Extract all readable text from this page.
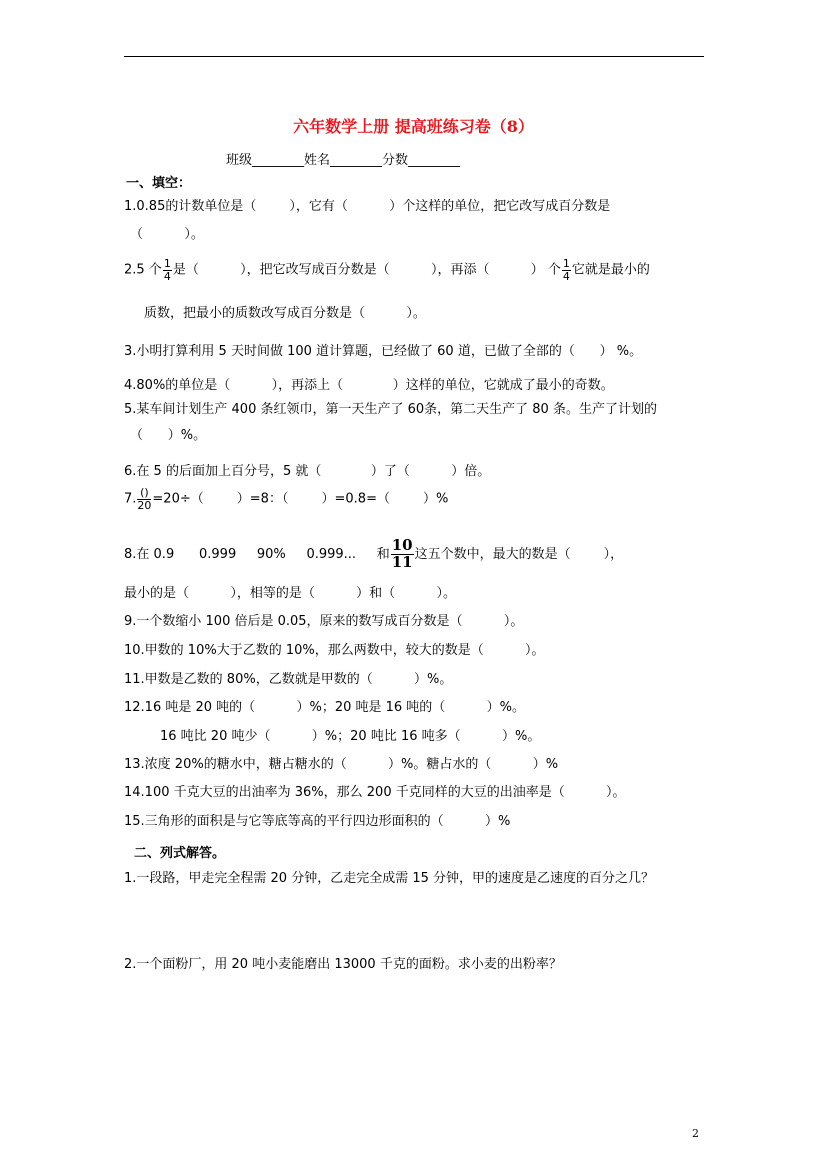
六年数学上册 提高班练习卷（8）
班级________姓名________分数________
一、填空：
1.0.85的计数单位是（        ），它有（          ）个这样的单位，把它改写成百分数是
（          ）。
2.5 个 $\frac{1}{4}$ 是（          ），把它改写成百分数是（          ），再添（          ） 个 $\frac{1}{4}$ 它就是最小的
质数，把最小的质数改写成百分数是（          ）。
3.小明打算利用 5 天时间做 100 道计算题，已经做了 60 道，已做了全部的（      ） %。
4.80%的单位是（          ），再添上（            ）这样的单位，它就成了最小的奇数。
5.某车间计划生产 400 条红领巾，第一天生产了 60条，第二天生产了 80 条。生产了计划的
（      ）%。
6.在 5 的后面加上百分号，5 就（            ）了（          ）倍。
7. $\frac{()}{20} =20\div$（        ）=8：（        ）=0.8=（        ）%
8.在 0.9      0.999     90%     0.999...     和 $\frac{10}{11}$ 这五个数中，最大的数是（        ），
最小的是（          ），相等的是（          ）和（          ）。
9.一个数缩小 100 倍后是 0.05，原来的数写成百分数是（          ）。
10.甲数的 10%大于乙数的 10%，那么两数中，较大的数是（          ）。
11.甲数是乙数的 80%，乙数就是甲数的（          ）%。
12.16 吨是 20 吨的（          ）%；20 吨是 16 吨的（          ）%。
16 吨比 20 吨少（          ）%；20 吨比 16 吨多（          ）%。
13.浓度 20%的糖水中，糖占糖水的（          ）%。糖占水的（          ）%
14.100 千克大豆的出油率为 36%，那么 200 千克同样的大豆的出油率是（          ）。
15.三角形的面积是与它等底等高的平行四边形面积的（          ）%
二、列式解答。
1.一段路，甲走完全程需 20 分钟，乙走完全成需 15 分钟，甲的速度是乙速度的百分之几？
2.一个面粉厂，用 20 吨小麦能磨出 13000 千克的面粉。求小麦的出粉率？
2
